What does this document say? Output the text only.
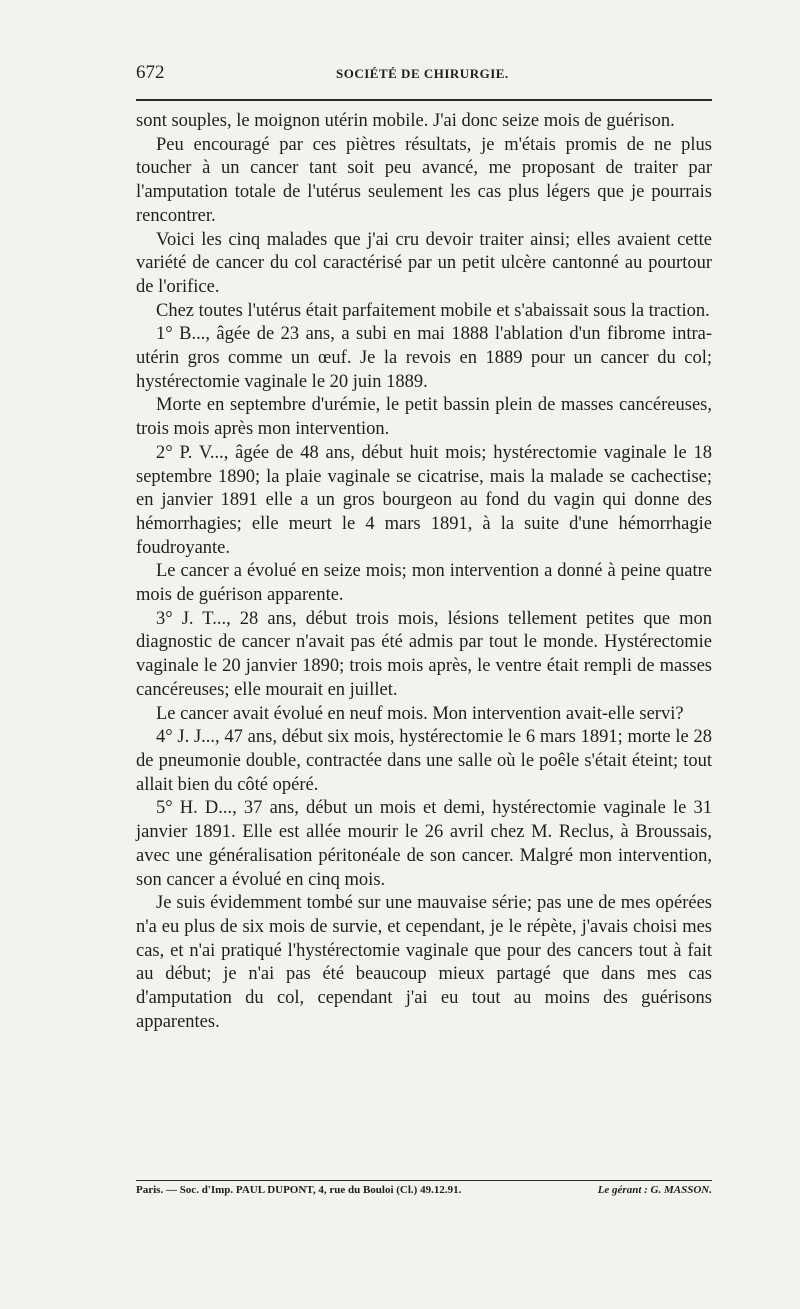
672	SOCIÉTÉ DE CHIRURGIE.

sont souples, le moignon utérin mobile. J'ai donc seize mois de guérison.

Peu encouragé par ces piètres résultats, je m'étais promis de ne plus toucher à un cancer tant soit peu avancé, me proposant de traiter par l'amputation totale de l'utérus seulement les cas plus légers que je pourrais rencontrer.

Voici les cinq malades que j'ai cru devoir traiter ainsi; elles avaient cette variété de cancer du col caractérisé par un petit ulcère cantonné au pourtour de l'orifice.

Chez toutes l'utérus était parfaitement mobile et s'abaissait sous la traction.

1° B..., âgée de 23 ans, a subi en mai 1888 l'ablation d'un fibrome intra-utérin gros comme un œuf. Je la revois en 1889 pour un cancer du col; hystérectomie vaginale le 20 juin 1889.

Morte en septembre d'urémie, le petit bassin plein de masses cancéreuses, trois mois après mon intervention.

2° P. V..., âgée de 48 ans, début huit mois; hystérectomie vaginale le 18 septembre 1890; la plaie vaginale se cicatrise, mais la malade se cachectise; en janvier 1891 elle a un gros bourgeon au fond du vagin qui donne des hémorrhagies; elle meurt le 4 mars 1891, à la suite d'une hémorrhagie foudroyante.

Le cancer a évolué en seize mois; mon intervention a donné à peine quatre mois de guérison apparente.

3° J. T..., 28 ans, début trois mois, lésions tellement petites que mon diagnostic de cancer n'avait pas été admis par tout le monde. Hystérectomie vaginale le 20 janvier 1890; trois mois après, le ventre était rempli de masses cancéreuses; elle mourait en juillet.

Le cancer avait évolué en neuf mois. Mon intervention avait-elle servi?

4° J. J..., 47 ans, début six mois, hystérectomie le 6 mars 1891; morte le 28 de pneumonie double, contractée dans une salle où le poêle s'était éteint; tout allait bien du côté opéré.

5° H. D..., 37 ans, début un mois et demi, hystérectomie vaginale le 31 janvier 1891. Elle est allée mourir le 26 avril chez M. Reclus, à Broussais, avec une généralisation péritonéale de son cancer. Malgré mon intervention, son cancer a évolué en cinq mois.

Je suis évidemment tombé sur une mauvaise série; pas une de mes opérées n'a eu plus de six mois de survie, et cependant, je le répète, j'avais choisi mes cas, et n'ai pratiqué l'hystérectomie vaginale que pour des cancers tout à fait au début; je n'ai pas été beaucoup mieux partagé que dans mes cas d'amputation du col, cependant j'ai eu tout au moins des guérisons apparentes.

Paris. — Soc. d'Imp. PAUL DUPONT, 4, rue du Bouloi (Cl.) 49.12.91.	Le gérant : G. MASSON.
